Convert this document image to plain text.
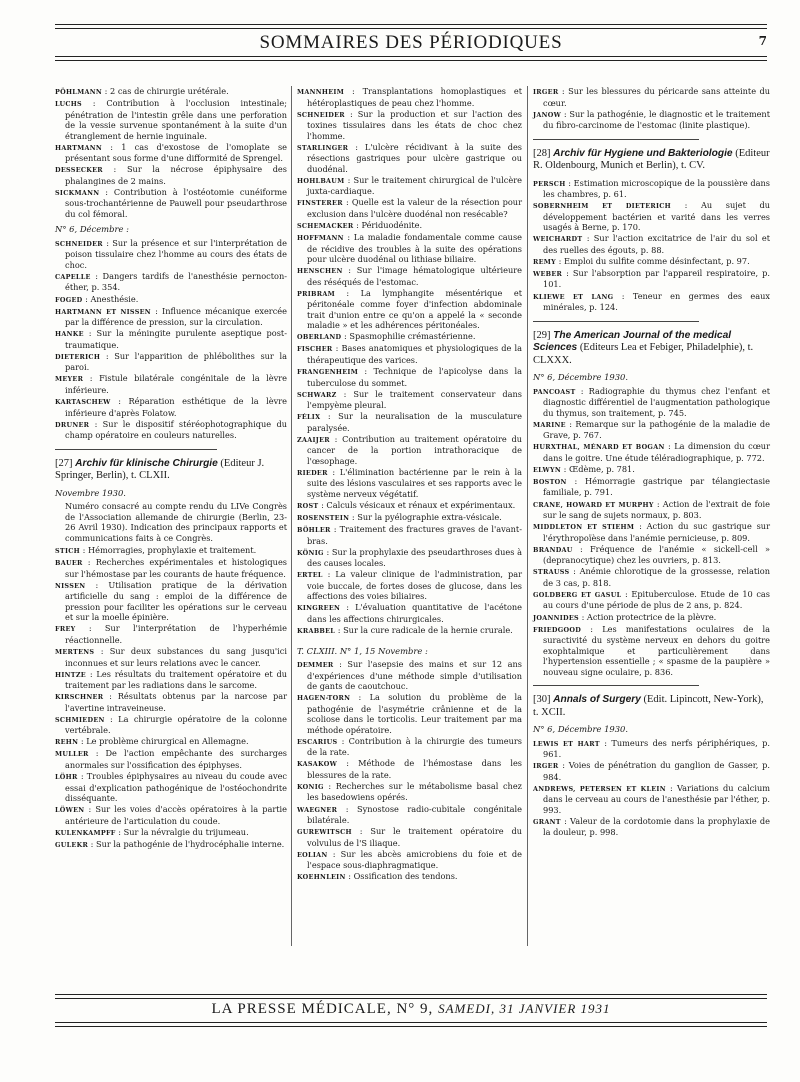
SOMMAIRES DES PÉRIODIQUES	7

PÖHLMANN : 2 cas de chirurgie urétérale.

LUCHS : Contribution à l'occlusion intestinale; pénétration de l'intestin grêle dans une perforation de la vessie survenue spontanément à la suite d'un étranglement de hernie inguinale.

HARTMANN : 1 cas d'exostose de l'omoplate se présentant sous forme d'une difformité de Sprengel.

DESSECKER : Sur la nécrose épiphysaire des phalangines de 2 mains.

SICKMANN : Contribution à l'ostéotomie cunéiforme sous-trochantérienne de Pauwell pour pseudarthrose du col fémoral.

N° 6, Décembre :

SCHNEIDER : Sur la présence et sur l'interprétation de poison tissulaire chez l'homme au cours des états de choc.

CAPELLE : Dangers tardifs de l'anesthésie pernocton-éther, p. 354.

FOGED : Anesthésie.

HARTMANN ET NISSEN : Influence mécanique exercée par la différence de pression, sur la circulation.

HANKE : Sur la méningite purulente aseptique post-traumatique.

DIETERICH : Sur l'apparition de phlébolithes sur la paroi.

MEYER : Fistule bilatérale congénitale de la lèvre inférieure.

KARTASCHEW : Réparation esthétique de la lèvre inférieure d'après Folatow.

DRUNER : Sur le dispositif stéréophotographique du champ opératoire en couleurs naturelles.

[27] Archiv für klinische Chirurgie (Editeur J. Springer, Berlin), t. CLXII.
Novembre 1930.
Numéro consacré au compte rendu du LIVe Congrès de l'Association allemande de chirurgie (Berlin, 23-26 Avril 1930). Indication des principaux rapports et communications faits à ce Congrès.

STICH : Hémorragies, prophylaxie et traitement.

BAUER : Recherches expérimentales et histologiques sur l'hémostase par les courants de haute fréquence.

NISSEN : Utilisation pratique de la dérivation artificielle du sang : emploi de la différence de pression pour faciliter les opérations sur le cerveau et sur la moelle épinière.

FREY : Sur l'interprétation de l'hyperhémie réactionnelle.

MERTENS : Sur deux substances du sang jusqu'ici inconnues et sur leurs relations avec le cancer.

HINTZE : Les résultats du traitement opératoire et du traitement par les radiations dans le sarcome.

KIRSCHNER : Résultats obtenus par la narcose par l'avertine intraveineuse.

SCHMIEDEN : La chirurgie opératoire de la colonne vertébrale.

REHN : Le problème chirurgical en Allemagne.

MULLER : De l'action empêchante des surcharges anormales sur l'ossification des épiphyses.

LÖHR : Troubles épiphysaires au niveau du coude avec essai d'explication pathogénique de l'ostéochondrite disséquante.

LÖWEN : Sur les voies d'accès opératoires à la partie antérieure de l'articulation du coude.

KULENKAMPFF : Sur la névralgie du trijumeau.

GULEKR : Sur la pathogénie de l'hydrocéphalie interne.

MANNHEIM : Transplantations homoplastiques et hétéroplastiques de peau chez l'homme.

SCHNEIDER : Sur la production et sur l'action des toxines tissulaires dans les états de choc chez l'homme.

STARLINGER : L'ulcère récidivant à la suite des résections gastriques pour ulcère gastrique ou duodénal.

HOHLBAUM : Sur le traitement chirurgical de l'ulcère juxta-cardiaque.

FINSTERER : Quelle est la valeur de la résection pour exclusion dans l'ulcère duodénal non resécable?

SCHEMACKER : Périduodénite.

HOFFMANN : La maladie fondamentale comme cause de récidive des troubles à la suite des opérations pour ulcère duodénal ou lithiase biliaire.

HENSCHEN : Sur l'image hématologique ultérieure des réséqués de l'estomac.

PRIBRAM : La lymphangite mésentérique et péritonéale comme foyer d'infection abdominale trait d'union entre ce qu'on a appelé la « seconde maladie » et les adhérences péritonéales.

OBERLAND : Spasmophilie crémastérienne.

FISCHER : Bases anatomiques et physiologiques de la thérapeutique des varices.

FRANGENHEIM : Technique de l'apicolyse dans la tuberculose du sommet.

SCHWARZ : Sur le traitement conservateur dans l'empyème pleural.

FÉLIX : Sur la neuralisation de la musculature paralysée.

ZAAIJER : Contribution au traitement opératoire du cancer de la portion intrathoracique de l'œsophage.

RIEDER : L'élimination bactérienne par le rein à la suite des lésions vasculaires et ses rapports avec le système nerveux végétatif.

ROST : Calculs vésicaux et rénaux et expérimentaux.

ROSENSTEIN : Sur la pyélographie extra-vésicale.

BÖHLER : Traitement des fractures graves de l'avant-bras.

KÖNIG : Sur la prophylaxie des pseudarthroses dues à des causes locales.

ERTEL : La valeur clinique de l'administration, par voie buccale, de fortes doses de glucose, dans les affections des voies biliaires.

KINGREEN : L'évaluation quantitative de l'acétone dans les affections chirurgicales.

KRABBEL : Sur la cure radicale de la hernie crurale.

T. CLXIII. N° 1, 15 Novembre :

DEMMER : Sur l'asepsie des mains et sur 12 ans d'expériences d'une méthode simple d'utilisation de gants de caoutchouc.

HAGEN-TORN : La solution du problème de la pathogénie de l'asymétrie crânienne et de la scoliose dans le torticolis. Leur traitement par ma méthode opératoire.

ESCARIUS : Contribution à la chirurgie des tumeurs de la rate.

KASAKOW : Méthode de l'hémostase dans les blessures de la rate.

KONIG : Recherches sur le métabolisme basal chez les basedowiens opérés.

WAEGNER : Synostose radio-cubitale congénitale bilatérale.

GUREWITSCH : Sur le traitement opératoire du volvulus de l'S iliaque.

EOLIAN : Sur les abcès amicrobiens du foie et de l'espace sous-diaphragmatique.

KOEHNLEIN : Ossification des tendons.

IRGER : Sur les blessures du péricarde sans atteinte du cœur.

JANOW : Sur la pathogénie, le diagnostic et le traitement du fibro-carcinome de l'estomac (linite plastique).

[28] Archiv für Hygiene und Bakteriologie (Editeur R. Oldenbourg, Munich et Berlin), t. CV.

PERSCH : Estimation microscopique de la poussière dans les chambres, p. 61.

SOBERNHEIM ET DIETERICH : Au sujet du développement bactérien et varité dans les verres usagés à Berne, p. 170.

WEICHARDT : Sur l'action excitatrice de l'air du sol et des ruelles des égouts, p. 88.

REMY : Emploi du sulfite comme désinfectant, p. 97.

WEBER : Sur l'absorption par l'appareil respiratoire, p. 101.

KLIEWE ET LANG : Teneur en germes des eaux minérales, p. 124.

[29] The American Journal of the medical Sciences (Editeurs Lea et Febiger, Philadelphie), t. CLXXX.
N° 6, Décembre 1930.

PANCOAST : Radiographie du thymus chez l'enfant et diagnostic différentiel de l'augmentation pathologique du thymus, son traitement, p. 745.

MARINE : Remarque sur la pathogénie de la maladie de Grave, p. 767.

HURXTHAL, MÉNARD ET BOGAN : La dimension du cœur dans le goitre. Une étude téléradiographique, p. 772.

ELWYN : Œdème, p. 781.

BOSTON : Hémorragie gastrique par télangiectasie familiale, p. 791.

CRANE, HOWARD ET MURPHY : Action de l'extrait de foie sur le sang de sujets normaux, p. 803.

MIDDLETON ET STIEHM : Action du suc gastrique sur l'érythropoïèse dans l'anémie pernicieuse, p. 809.

BRANDAU : Fréquence de l'anémie « sickell-cell » (depranocytique) chez les ouvriers, p. 813.

STRAUSS : Anémie chlorotique de la grossesse, relation de 3 cas, p. 818.

GOLDBERG ET GASUL : Epituberculose. Etude de 10 cas au cours d'une période de plus de 2 ans, p. 824.

JOANNIDES : Action protectrice de la plèvre.

FRIEDGOOD : Les manifestations oculaires de la suractivité du système nerveux en dehors du goitre exophtalmique et particulièrement dans l'hypertension essentielle ; « spasme de la paupière » nouveau signe oculaire, p. 836.

[30] Annals of Surgery (Edit. Lipincott, New-York), t. XCII.
N° 6, Décembre 1930.

LEWIS ET HART : Tumeurs des nerfs périphériques, p. 961.

IRGER : Voies de pénétration du ganglion de Gasser, p. 984.

ANDREWS, PETERSEN ET KLEIN : Variations du calcium dans le cerveau au cours de l'anesthésie par l'éther, p. 993.

GRANT : Valeur de la cordotomie dans la prophylaxie de la douleur, p. 998.

LA PRESSE MÉDICALE, N° 9, SAMEDI, 31 JANVIER 1931
